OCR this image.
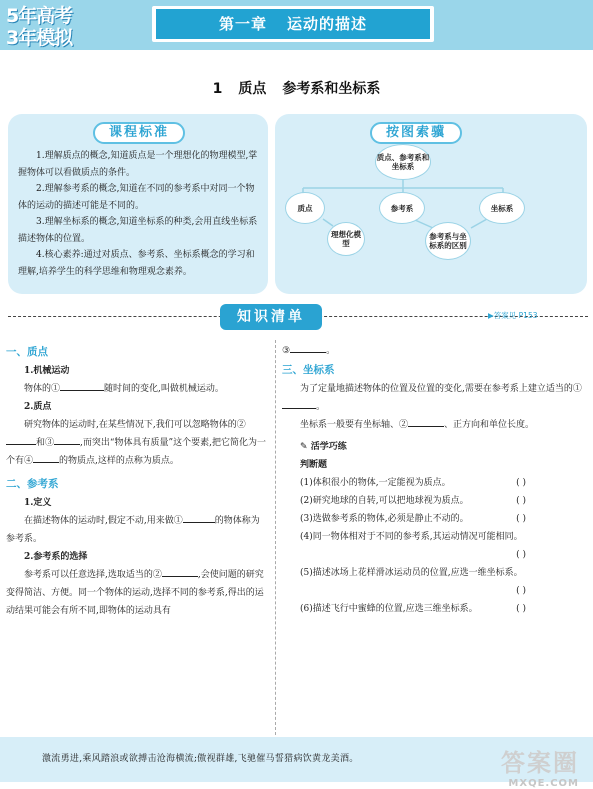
5年高考
3年模拟
第一章 运动的描述
1 质点 参考系和坐标系
课程标准

1.理解质点的概念,知道质点是一个理想化的物理模型,掌握物体可以看做质点的条件。

2.理解参考系的概念,知道在不同的参考系中对同一个物体的运动的描述可能是不同的。

3.理解坐标系的概念,知道坐标系的种类,会用直线坐标系描述物体的位置。

4.核心素养:通过对质点、参考系、坐标系概念的学习和理解,培养学生的科学思维和物理观念素养。

按图索骥
质点、参考系和坐标系
质点	参考系	坐标系
理想化模型
参考系与坐标系的区别
知识清单	▶答案见 P153
一、质点
1.机械运动
物体的①	随时间的变化,叫做机械运动。
2.质点
研究物体的运动时,在某些情况下,我们可以忽略物体的②和③	,而突出“物体具有质量”这个要素,把它简化为一个有④	的物质点,这样的点称为质点。
二、参考系
1.定义
在描述物体的运动时,假定不动,用来做①	的物体称为参考系。
2.参考系的选择
参考系可以任意选择,选取适当的②	,会使问题的研究变得简洁、方便。同一个物体的运动,选择不同的参考系,得出的运动结果可能会有所不同,即物体的运动具有
③	。
三、坐标系
为了定量地描述物体的位置及位置的变化,需要在参考系上建立适当的①。
坐标系一般要有坐标轴、②	、正方向和单位长度。
✎ 活学巧练
判断题
(1)体积很小的物体,一定能视为质点。	( )
(2)研究地球的自转,可以把地球视为质点。	( )
(3)选做参考系的物体,必须是静止不动的。	( )
(4)同一物体相对于不同的参考系,其运动情况可能相同。
( )
(5)描述冰场上花样滑冰运动员的位置,应选一维坐标系。
( )
(6)描述飞行中蜜蜂的位置,应选三维坐标系。	( )
激流勇进,乘风踏浪或欲搏击沧海横流;傲视群雄,飞驰催马誓猎病饮黄龙美酒。	答案圈
MXQE.COM
